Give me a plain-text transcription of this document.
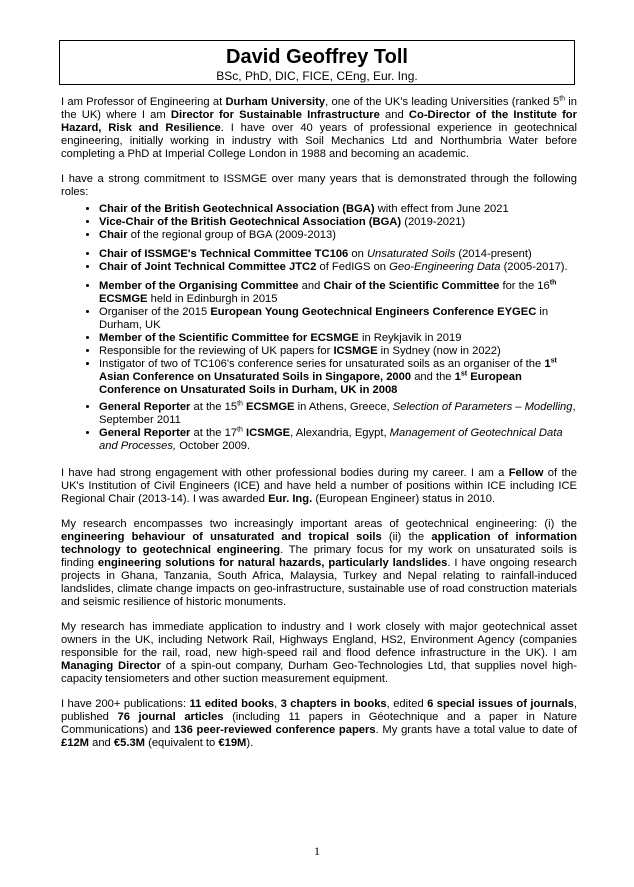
David Geoffrey Toll
BSc, PhD, DIC, FICE, CEng, Eur. Ing.

I am Professor of Engineering at Durham University, one of the UK's leading Universities (ranked 5th in the UK) where I am Director for Sustainable Infrastructure and Co-Director of the Institute for Hazard, Risk and Resilience. I have over 40 years of professional experience in geotechnical engineering, initially working in industry with Soil Mechanics Ltd and Northumbria Water before completing a PhD at Imperial College London in 1988 and becoming an academic.

I have a strong commitment to ISSMGE over many years that is demonstrated through the following roles:

• Chair of the British Geotechnical Association (BGA) with effect from June 2021
• Vice-Chair of the British Geotechnical Association (BGA) (2019-2021)
• Chair of the regional group of BGA (2009-2013)
• Chair of ISSMGE's Technical Committee TC106 on Unsaturated Soils (2014-present)
• Chair of Joint Technical Committee JTC2 of FedIGS on Geo-Engineering Data (2005-2017).
• Member of the Organising Committee and Chair of the Scientific Committee for the 16th ECSMGE held in Edinburgh in 2015
• Organiser of the 2015 European Young Geotechnical Engineers Conference EYGEC in Durham, UK
• Member of the Scientific Committee for ECSMGE in Reykjavik in 2019
• Responsible for the reviewing of UK papers for ICSMGE in Sydney (now in 2022)
• Instigator of two of TC106's conference series for unsaturated soils as an organiser of the 1st Asian Conference on Unsaturated Soils in Singapore, 2000 and the 1st European Conference on Unsaturated Soils in Durham, UK in 2008
• General Reporter at the 15th ECSMGE in Athens, Greece, Selection of Parameters – Modelling, September 2011
• General Reporter at the 17th ICSMGE, Alexandria, Egypt, Management of Geotechnical Data and Processes, October 2009.

I have had strong engagement with other professional bodies during my career. I am a Fellow of the UK's Institution of Civil Engineers (ICE) and have held a number of positions within ICE including ICE Regional Chair (2013-14). I was awarded Eur. Ing. (European Engineer) status in 2010.

My research encompasses two increasingly important areas of geotechnical engineering: (i) the engineering behaviour of unsaturated and tropical soils (ii) the application of information technology to geotechnical engineering. The primary focus for my work on unsaturated soils is finding engineering solutions for natural hazards, particularly landslides. I have ongoing research projects in Ghana, Tanzania, South Africa, Malaysia, Turkey and Nepal relating to rainfall-induced landslides, climate change impacts on geo-infrastructure, sustainable use of road construction materials and seismic resilience of historic monuments.

My research has immediate application to industry and I work closely with major geotechnical asset owners in the UK, including Network Rail, Highways England, HS2, Environment Agency (companies responsible for the rail, road, new high-speed rail and flood defence infrastructure in the UK). I am Managing Director of a spin-out company, Durham Geo-Technologies Ltd, that supplies novel high-capacity tensiometers and other suction measurement equipment.

I have 200+ publications: 11 edited books, 3 chapters in books, edited 6 special issues of journals, published 76 journal articles (including 11 papers in Géotechnique and a paper in Nature Communications) and 136 peer-reviewed conference papers. My grants have a total value to date of £12M and €5.3M (equivalent to €19M).

1
